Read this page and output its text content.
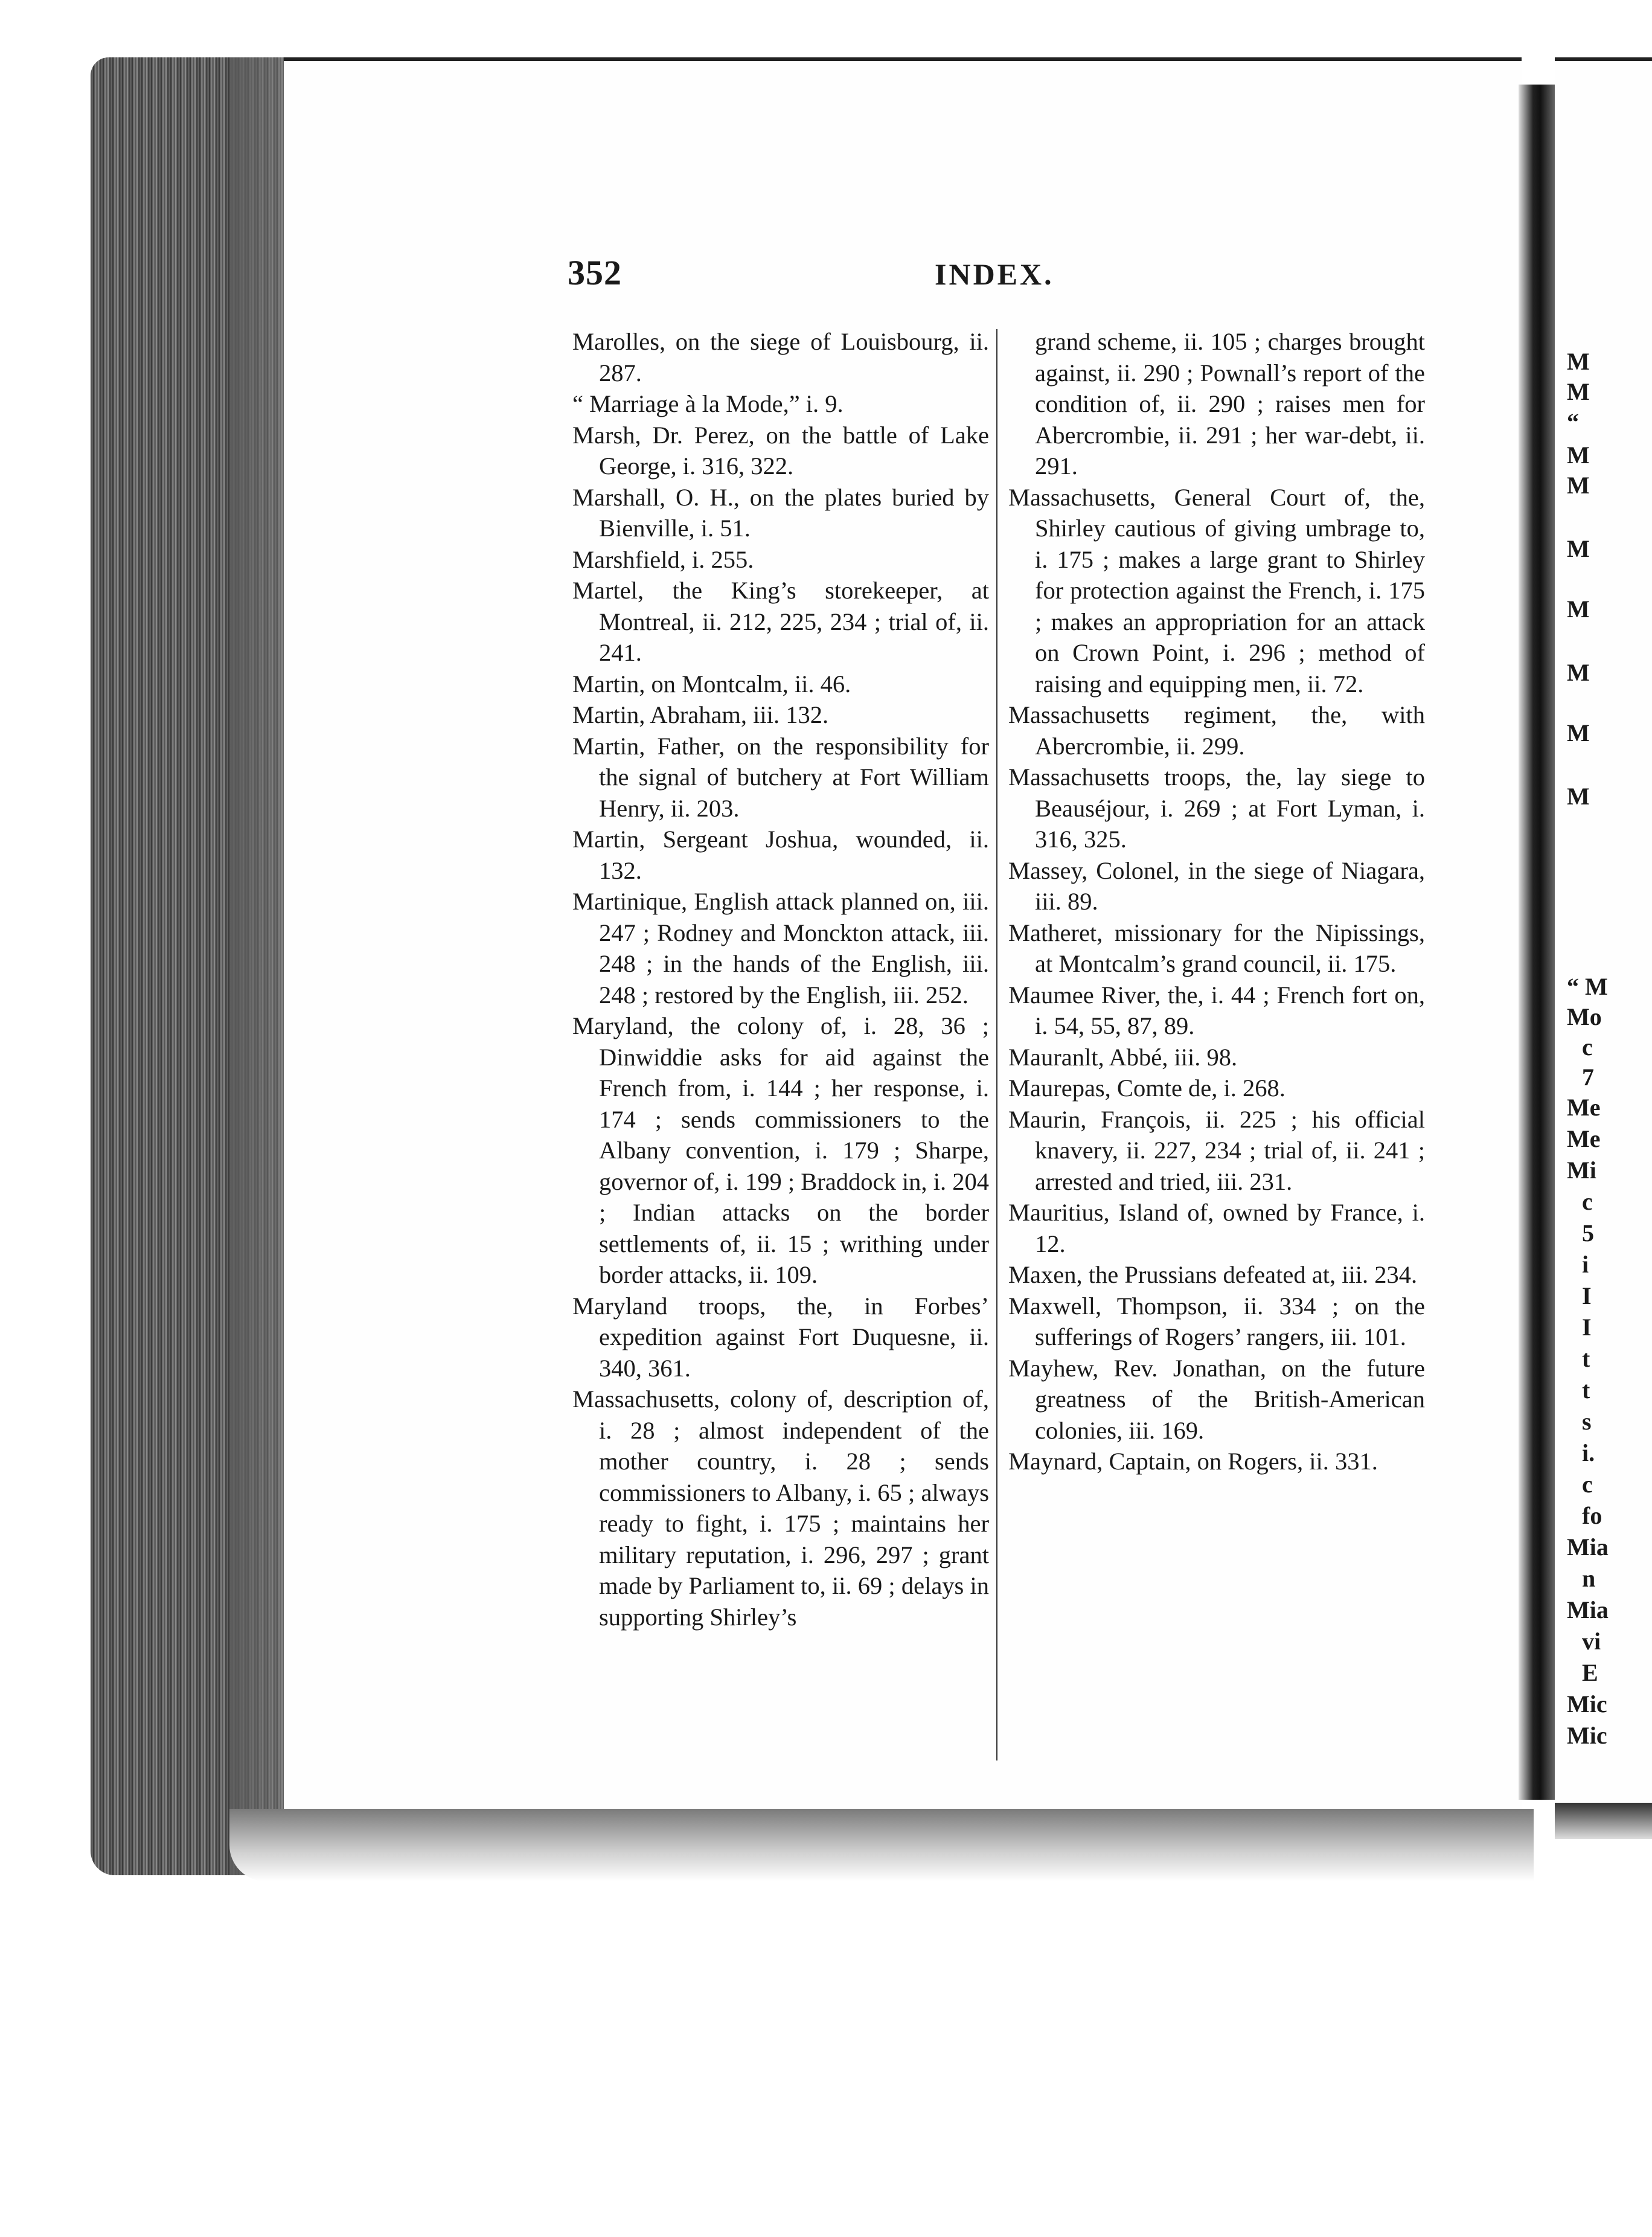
352	INDEX.

Marolles, on the siege of Louisbourg, ii. 287.

“ Marriage à la Mode,” i. 9.

Marsh, Dr. Perez, on the battle of Lake George, i. 316, 322.

Marshall, O. H., on the plates buried by Bienville, i. 51.

Marshfield, i. 255.

Martel, the King’s storekeeper, at Montreal, ii. 212, 225, 234 ; trial of, ii. 241.

Martin, on Montcalm, ii. 46.

Martin, Abraham, iii. 132.

Martin, Father, on the responsibility for the signal of butchery at Fort William Henry, ii. 203.

Martin, Sergeant Joshua, wounded, ii. 132.

Martinique, English attack planned on, iii. 247 ; Rodney and Monckton attack, iii. 248 ; in the hands of the English, iii. 248 ; restored by the English, iii. 252.

Maryland, the colony of, i. 28, 36 ; Dinwiddie asks for aid against the French from, i. 144 ; her response, i. 174 ; sends commissioners to the Albany convention, i. 179 ; Sharpe, governor of, i. 199 ; Braddock in, i. 204 ; Indian attacks on the border settlements of, ii. 15 ; writhing under border attacks, ii. 109.

Maryland troops, the, in Forbes’ expedition against Fort Duquesne, ii. 340, 361.

Massachusetts, colony of, description of, i. 28 ; almost independent of the mother country, i. 28 ; sends commissioners to Albany, i. 65 ; always ready to fight, i. 175 ; maintains her military reputation, i. 296, 297 ; grant made by Parliament to, ii. 69 ; delays in supporting Shirley’s

grand scheme, ii. 105 ; charges brought against, ii. 290 ; Pownall’s report of the condition of, ii. 290 ; raises men for Abercrombie, ii. 291 ; her war-debt, ii. 291.

Massachusetts, General Court of, the, Shirley cautious of giving umbrage to, i. 175 ; makes a large grant to Shirley for protection against the French, i. 175 ; makes an appropriation for an attack on Crown Point, i. 296 ; method of raising and equipping men, ii. 72.

Massachusetts regiment, the, with Abercrombie, ii. 299.

Massachusetts troops, the, lay siege to Beauséjour, i. 269 ; at Fort Lyman, i. 316, 325.

Massey, Colonel, in the siege of Niagara, iii. 89.

Matheret, missionary for the Nipissings, at Montcalm’s grand council, ii. 175.

Maumee River, the, i. 44 ; French fort on, i. 54, 55, 87, 89.

Mauranlt, Abbé, iii. 98.

Maurepas, Comte de, i. 268.

Maurin, François, ii. 225 ; his official knavery, ii. 227, 234 ; trial of, ii. 241 ; arrested and tried, iii. 231.

Mauritius, Island of, owned by France, i. 12.

Maxen, the Prussians defeated at, iii. 234.

Maxwell, Thompson, ii. 334 ; on the sufferings of Rogers’ rangers, iii. 101.

Mayhew, Rev. Jonathan, on the future greatness of the British-American colonies, iii. 169.

Maynard, Captain, on Rogers, ii. 331.

M
M
“
M
M
M
M
M
M
M
“ M
Mo
c
7
Me
Me
Mi
c
5
i
I
I
t
t
s
i.
c
fo
Mia
n
Mia
vi
E
Mic
Mic
